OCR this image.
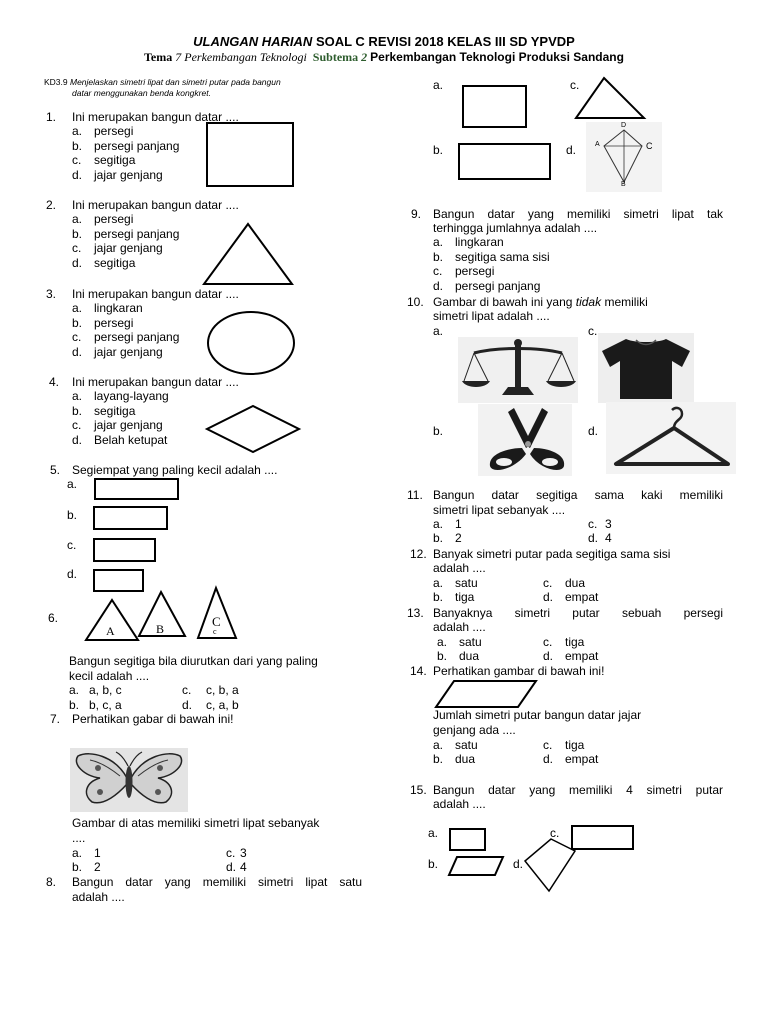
ULANGAN HARIAN SOAL C REVISI 2018 KELAS III SD YPVDP
Tema 7 Perkembangan Teknologi Subtema 2 Perkembangan Teknologi Produksi Sandang
KD3.9 Menjelaskan simetri lipat dan simetri putar pada bangun
datar menggunakan benda kongkret.
1. Ini merupakan bangun datar ....
a. persegi
b. persegi panjang
c. segitiga
d. jajar genjang
2. Ini merupakan bangun datar ....
a. persegi
b. persegi panjang
c. jajar genjang
d. segitiga
3. Ini merupakan bangun datar ....
a. lingkaran
b. persegi
c. persegi panjang
d. jajar genjang
4. Ini merupakan bangun datar ....
a. layang-layang
b. segitiga
c. jajar genjang
d. Belah ketupat
5. Segiempat yang paling kecil adalah ....
a.
b.
c.
d.
6.
A	B	C
c
Bangun segitiga bila diurutkan dari yang paling
kecil adalah ....
a. a, b, c	c. c, b, a
b. b, c, a	d. c, a, b
7. Perhatikan gabar di bawah ini!
Gambar di atas memiliki simetri lipat sebanyak
....
a. 1	c. 3
b. 2	d. 4
8. Bangun datar yang memiliki simetri lipat satu
adalah ....
a.	c.
b.	d.
D
A	C
B
9. Bangun datar yang memiliki simetri lipat tak
terhingga jumlahnya adalah ....
a. lingkaran
b. segitiga sama sisi
c. persegi
d. persegi panjang
10. Gambar di bawah ini yang tidak memiliki
simetri lipat adalah ....
a.	c.
b.	d.
11. Bangun datar segitiga sama kaki memiliki
simetri lipat sebanyak ....
a. 1	c. 3
b. 2	d. 4
12. Banyak simetri putar pada segitiga sama sisi
adalah ....
a. satu	c. dua
b. tiga	d. empat
13. Banyaknya simetri putar sebuah persegi
adalah ....
a. satu	c. tiga
b. dua	d. empat
14. Perhatikan gambar di bawah ini!
Jumlah simetri putar bangun datar jajar
genjang ada ....
a. satu	c. tiga
b. dua	d. empat
15. Bangun datar yang memiliki 4 simetri putar
adalah ....
a.	c.
b.	d.
